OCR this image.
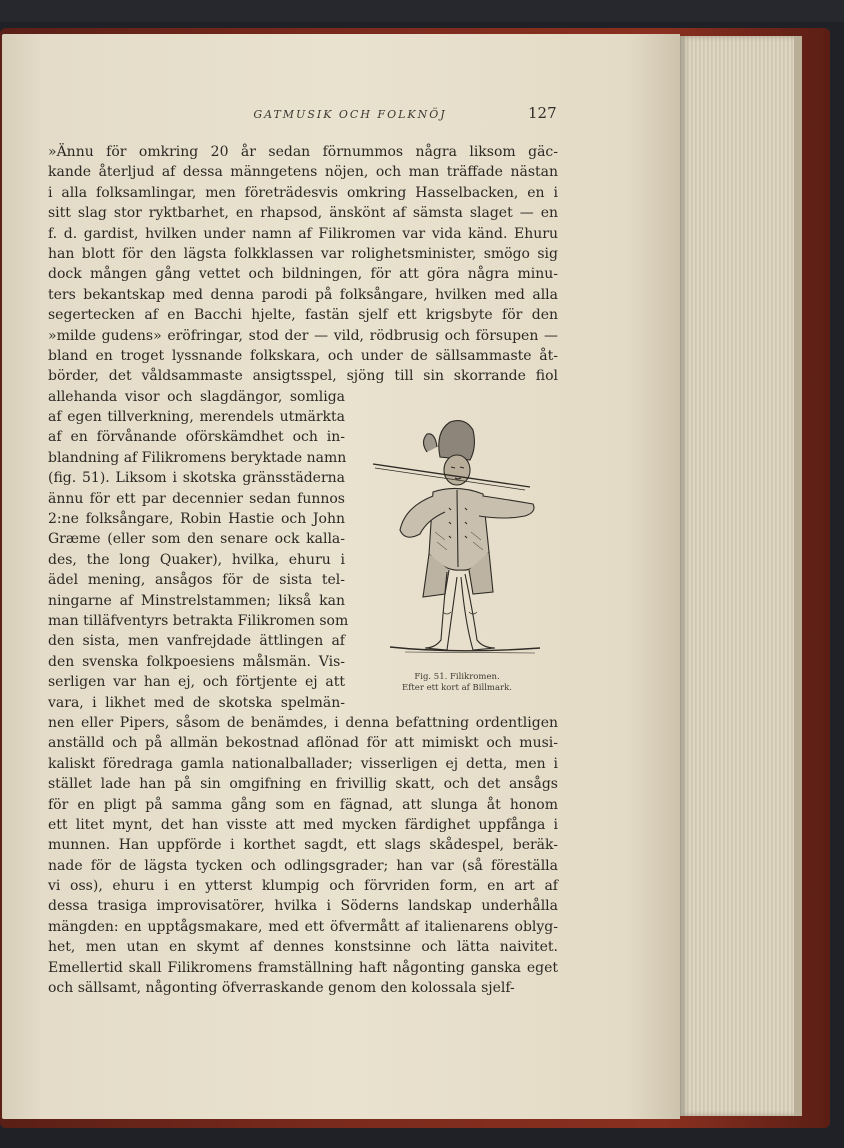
GATMUSIK OCH FOLKNÖJ	127
»Ännu för omkring 20 år sedan förnummos några liksom gäc-
kande återljud af dessa männgetens nöjen, och man träffade nästan
i alla folksamlingar, men företrädesvis omkring Hasselbacken, en i
sitt slag stor ryktbarhet, en rhapsod, änskönt af sämsta slaget — en
f. d. gardist, hvilken under namn af Filikromen var vida känd. Ehuru
han blott för den lägsta folkklassen var rolighetsminister, smögo sig
dock mången gång vettet och bildningen, för att göra några minu-
ters bekantskap med denna parodi på folksångare, hvilken med alla
segertecken af en Bacchi hjelte, fastän sjelf ett krigsbyte för den
»milde gudens» eröfringar, stod der — vild, rödbrusig och försupen —
bland en troget lyssnande folkskara, och under de sällsammaste åt-
börder, det våldsammaste ansigtsspel, sjöng till sin skorrande fiol
allehanda visor och slagdängor, somliga
af egen tillverkning, merendels utmärkta
af en förvånande oförskämdhet och in-
blandning af Filikromens beryktade namn
(fig. 51). Liksom i skotska gränsstäderna
ännu för ett par decennier sedan funnos
2:ne folksångare, Robin Hastie och John
Græme (eller som den senare ock kalla-
des, the long Quaker), hvilka, ehuru i
ädel mening, ansågos för de sista tel-
ningarne af Minstrelstammen; likså kan
man tilläfventyrs betrakta Filikromen som
den sista, men vanfrejdade ättlingen af
den svenska folkpoesiens målsmän. Vis-
serligen var han ej, och förtjente ej att
vara, i likhet med de skotska spelmän-
nen eller Pipers, såsom de benämdes, i denna befattning ordentligen
anställd och på allmän bekostnad aflönad för att mimiskt och musi-
kaliskt föredraga gamla nationalballader; visserligen ej detta, men i
stället lade han på sin omgifning en frivillig skatt, och det ansågs
för en pligt på samma gång som en fägnad, att slunga åt honom
ett litet mynt, det han visste att med mycken färdighet uppfånga i
munnen. Han uppförde i korthet sagdt, ett slags skådespel, beräk-
nade för de lägsta tycken och odlingsgrader; han var (så föreställa
vi oss), ehuru i en ytterst klumpig och förvriden form, en art af
dessa trasiga improvisatörer, hvilka i Söderns landskap underhålla
mängden: en upptågsmakare, med ett öfvermått af italienarens oblyg-
het, men utan en skymt af dennes konstsinne och lätta naivitet.
Emellertid skall Filikromens framställning haft någonting ganska eget
och sällsamt, någonting öfverraskande genom den kolossala sjelf-
Fig. 51. Filikromen.
Efter ett kort af Billmark.
